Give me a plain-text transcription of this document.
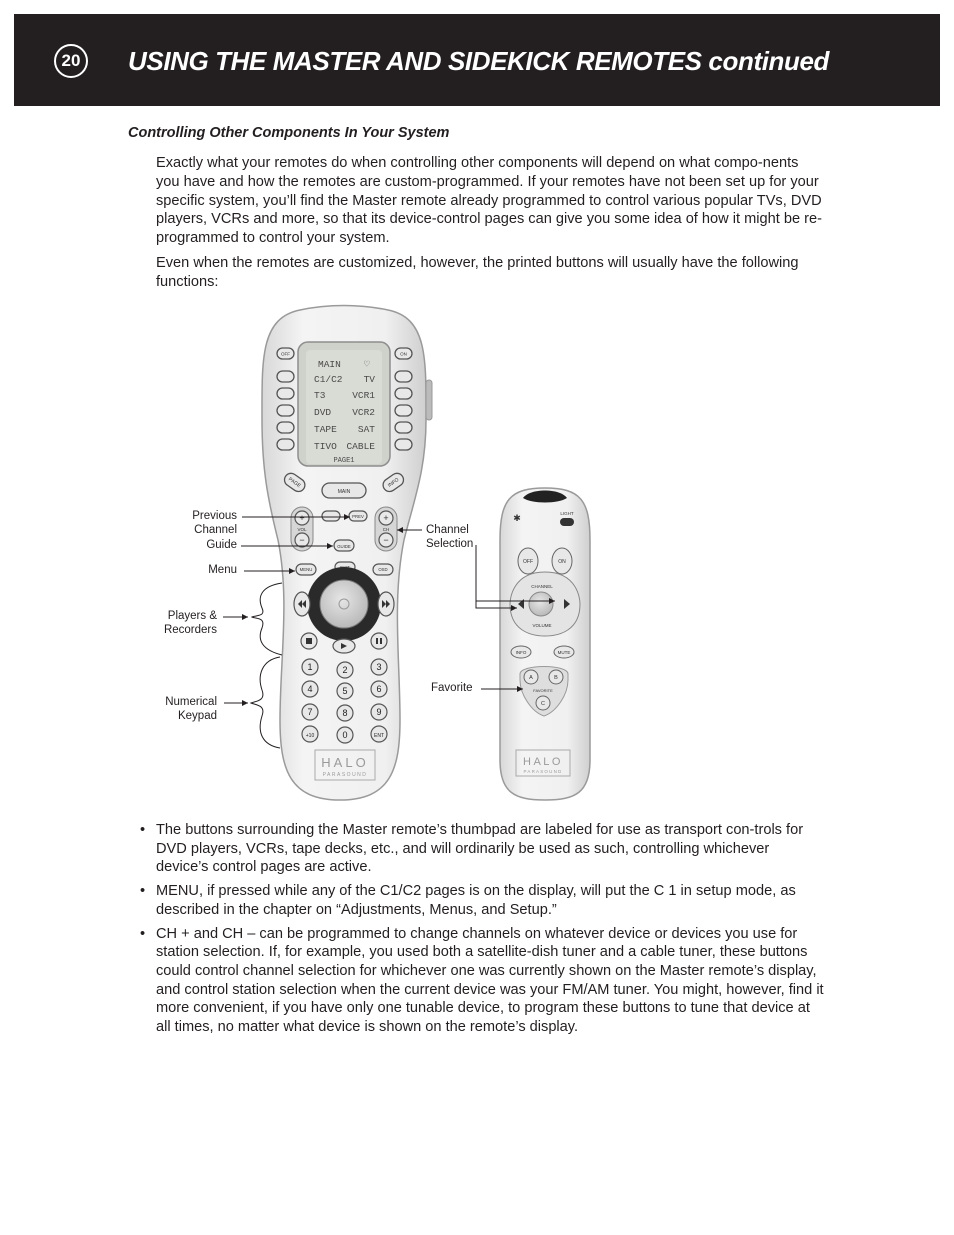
20 USING THE MASTER AND SIDEKICK REMOTES continued
Controlling Other Components In Your System

Exactly what your remotes do when controlling other components will depend on what compo-nents you have and how the remotes are custom-programmed. If your remotes have not been set up for your specific system, you’ll find the Master remote already programmed to control various popular TVs, DVD players, VCRs and more, so that its device-control pages can give you some idea of how it might be re-programmed to control your system.

Even when the remotes are customized, however, the printed buttons will usually have the following functions:

MAIN ♡
C1/C2 TV
T3	VCR1
DVD VCR2
TAPE SAT
TIVO CABLE
PAGE1
OFF	ON
PAGE
MAIN
INFO
+
−
VOL
+
−
CH
PREV
GUIDE
MENU	OSD
1	2	3
4	5	6
7	8	9
0
+10	ENT
HALO
PARASOUND
✱	LIGHT
OFF	ON
CHANNEL
VOLUME
INFO	MUTE
A	B
C
FAVORITE
HALO
PARASOUND
Previous
Channel
Guide
Menu
Players &
Recorders
Numerical
Keypad
Channel
Selection
Favorite
• The buttons surrounding the Master remote’s thumbpad are labeled for use as transport con-trols for DVD players, VCRs, tape decks, etc., and will ordinarily be used as such, controlling whichever device’s control pages are active.
• MENU, if pressed while any of the C1/C2 pages is on the display, will put the C 1 in setup mode, as described in the chapter on “Adjustments, Menus, and Setup.”
• CH + and CH – can be programmed to change channels on whatever device or devices you use for station selection. If, for example, you used both a satellite-dish tuner and a cable tuner, these buttons could control channel selection for whichever one was currently shown on the Master remote’s display, and control station selection when the current device was your FM/AM tuner. You might, however, find it more convenient, if you have only one tunable device, to program these buttons to tune that device at all times, no matter what device is shown on the remote’s display.
